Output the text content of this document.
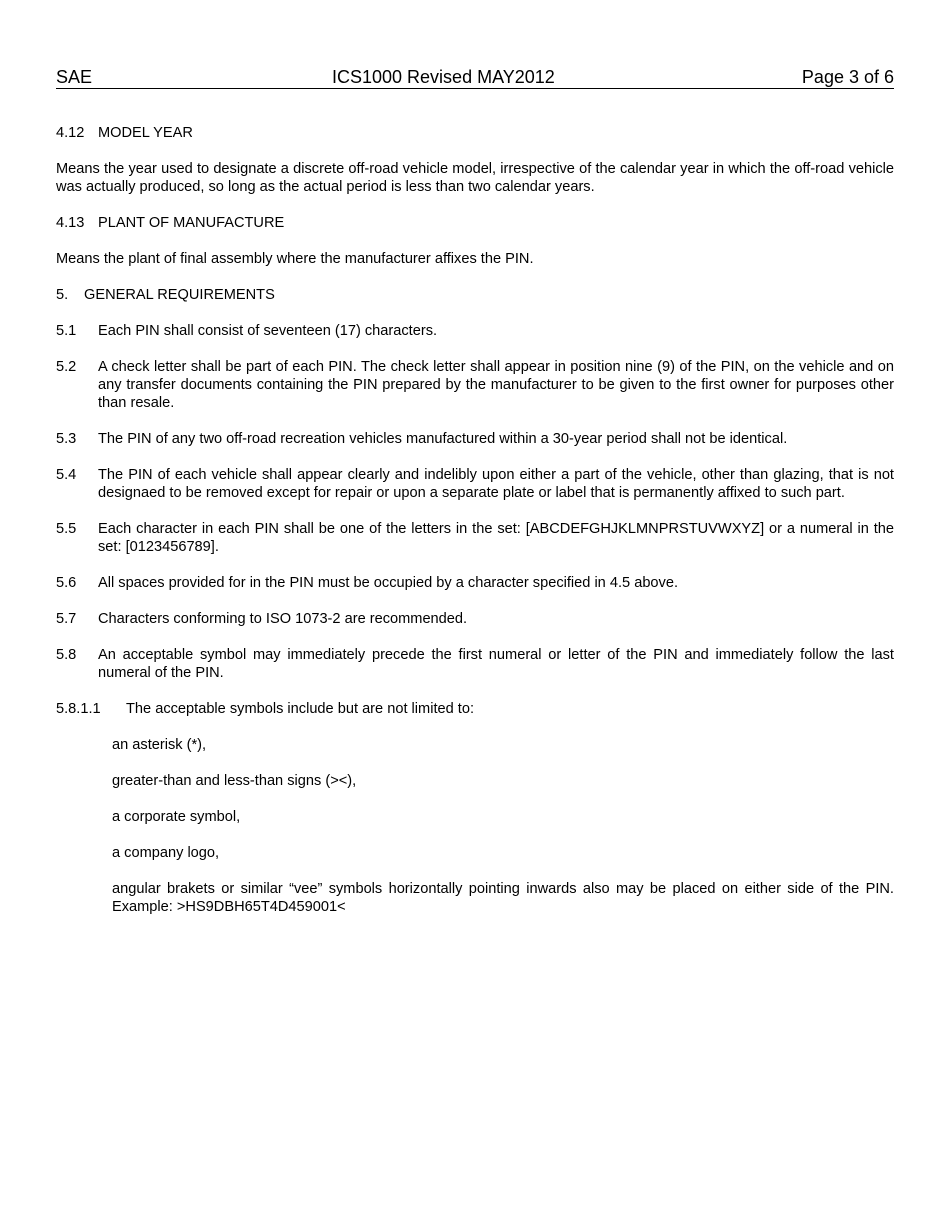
SAE	ICS1000 Revised MAY2012	Page 3 of 6
4.12 MODEL YEAR
Means the year used to designate a discrete off-road vehicle model, irrespective of the calendar year in which the off-road vehicle was actually produced, so long as the actual period is less than two calendar years.
4.13 PLANT OF MANUFACTURE
Means the plant of final assembly where the manufacturer affixes the PIN.
5.	GENERAL REQUIREMENTS
5.1	Each PIN shall consist of seventeen (17) characters.
5.2	A check letter shall be part of each PIN. The check letter shall appear in position nine (9) of the PIN, on the vehicle and on any transfer documents containing the PIN prepared by the manufacturer to be given to the first owner for purposes other than resale.
5.3	The PIN of any two off-road recreation vehicles manufactured within a 30-year period shall not be identical.
5.4	The PIN of each vehicle shall appear clearly and indelibly upon either a part of the vehicle, other than glazing, that is not designaed to be removed except for repair or upon a separate plate or label that is permanently affixed to such part.
5.5	Each character in each PIN shall be one of the letters in the set: [ABCDEFGHJKLMNPRSTUVWXYZ] or a numeral in the set: [0123456789].
5.6	All spaces provided for in the PIN must be occupied by a character specified in 4.5 above.
5.7	Characters conforming to ISO 1073-2 are recommended.
5.8	An acceptable symbol may immediately precede the first numeral or letter of the PIN and immediately follow the last numeral of the PIN.
5.8.1.1	The acceptable symbols include but are not limited to:
an asterisk (*),
greater-than and less-than signs (><),
a corporate symbol,
a company logo,
angular brakets or similar “vee” symbols horizontally pointing inwards also may be placed on either side of the PIN. Example: >HS9DBH65T4D459001<
